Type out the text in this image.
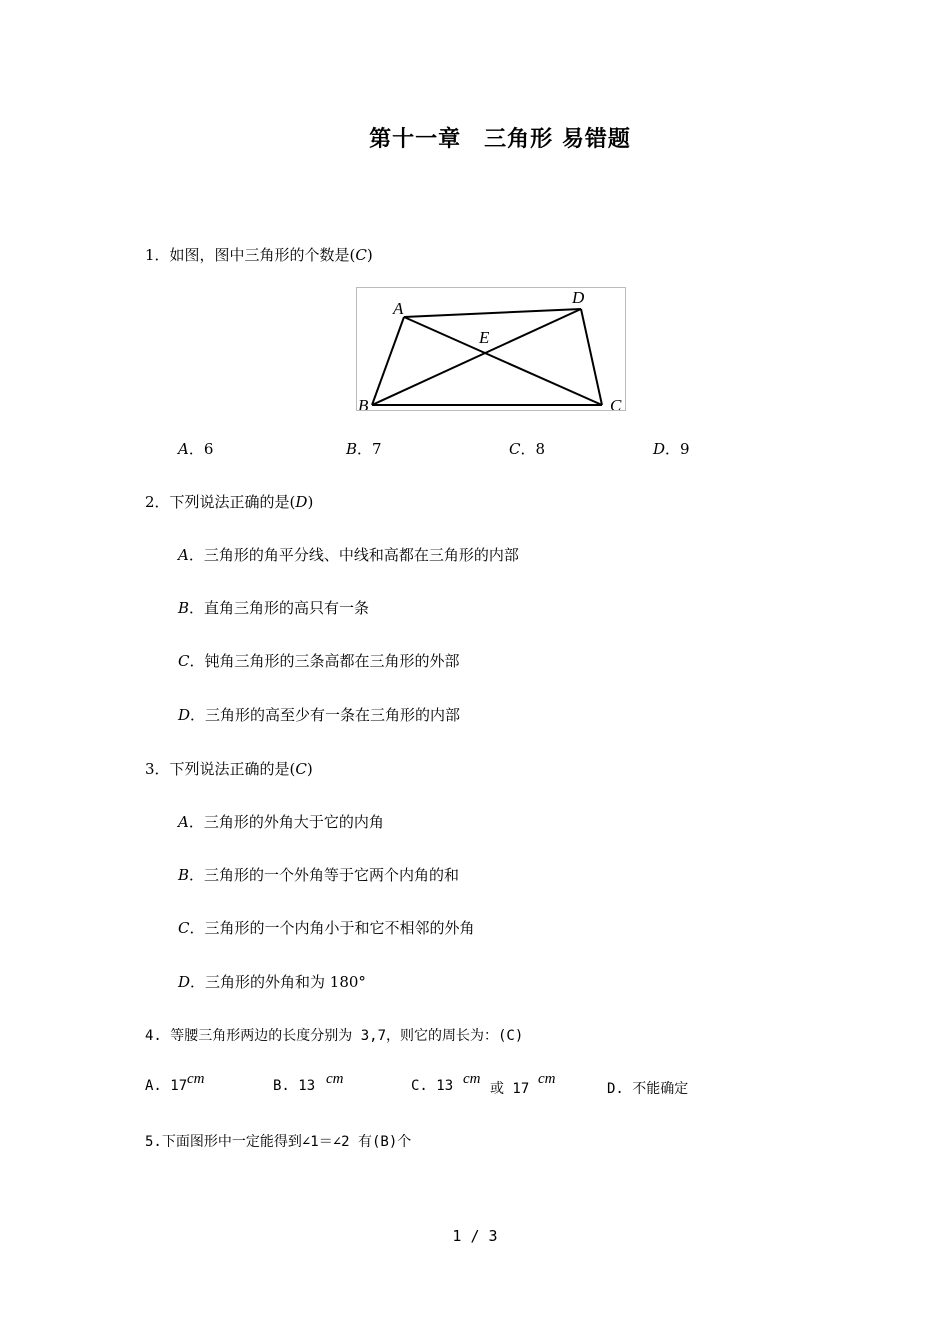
第十一章　三角形 易错题
1．如图，图中三角形的个数是(C)
A
D
E
B	C
A．6	B．7	C．8	D．9
2．下列说法正确的是(D)
A．三角形的角平分线、中线和高都在三角形的内部
B．直角三角形的高只有一条
C．钝角三角形的三条高都在三角形的外部
D．三角形的高至少有一条在三角形的内部
3．下列说法正确的是(C)
A．三角形的外角大于它的内角
B．三角形的一个外角等于它两个内角的和
C．三角形的一个内角小于和它不相邻的外角
D．三角形的外角和为 180°
4. 等腰三角形两边的长度分别为 3,7，则它的周长为：(C)
A. 17 cm	B. 13 cm	C. 13 cm
或 17
cm
D. 不能确定
5.下面图形中一定能得到∠1＝∠2 有(B)个
1 / 3
